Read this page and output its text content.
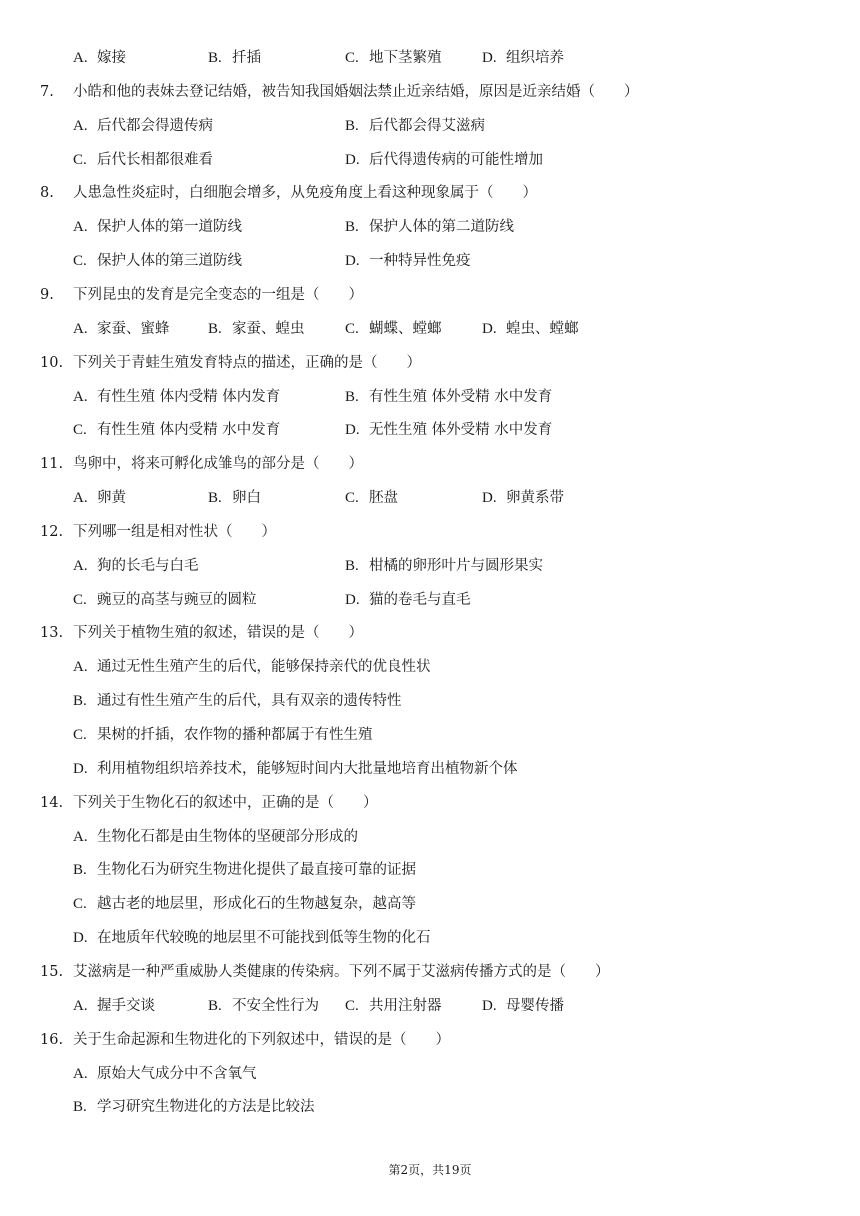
A. 嫁接	B. 扦插	C. 地下茎繁殖	D. 组织培养
7. 小皓和他的表妹去登记结婚，被告知我国婚姻法禁止近亲结婚，原因是近亲结婚（　　）
A. 后代都会得遗传病	B. 后代都会得艾滋病
C. 后代长相都很难看	D. 后代得遗传病的可能性增加
8. 人患急性炎症时，白细胞会增多，从免疫角度上看这种现象属于（　　）
A. 保护人体的第一道防线	B. 保护人体的第二道防线
C. 保护人体的第三道防线	D. 一种特异性免疫
9. 下列昆虫的发育是完全变态的一组是（　　）
A. 家蚕、蜜蜂	B. 家蚕、蝗虫	C. 蝴蝶、螳螂	D. 蝗虫、螳螂
10. 下列关于青蛙生殖发育特点的描述，正确的是（　　）
A. 有性生殖 体内受精 体内发育	B. 有性生殖 体外受精 水中发育
C. 有性生殖 体内受精 水中发育	D. 无性生殖 体外受精 水中发育
11. 鸟卵中，将来可孵化成雏鸟的部分是（　　）
A. 卵黄	B. 卵白	C. 胚盘	D. 卵黄系带
12. 下列哪一组是相对性状（　　）
A. 狗的长毛与白毛	B. 柑橘的卵形叶片与圆形果实
C. 豌豆的高茎与豌豆的圆粒	D. 猫的卷毛与直毛
13. 下列关于植物生殖的叙述，错误的是（　　）
A. 通过无性生殖产生的后代，能够保持亲代的优良性状
B. 通过有性生殖产生的后代，具有双亲的遗传特性
C. 果树的扦插，农作物的播种都属于有性生殖
D. 利用植物组织培养技术，能够短时间内大批量地培育出植物新个体
14. 下列关于生物化石的叙述中，正确的是（　　）
A. 生物化石都是由生物体的坚硬部分形成的
B. 生物化石为研究生物进化提供了最直接可靠的证据
C. 越古老的地层里，形成化石的生物越复杂，越高等
D. 在地质年代较晚的地层里不可能找到低等生物的化石
15. 艾滋病是一种严重威胁人类健康的传染病。下列不属于艾滋病传播方式的是（　　）
A. 握手交谈	B. 不安全性行为 C. 共用注射器	D. 母婴传播
16. 关于生命起源和生物进化的下列叙述中，错误的是（　　）
A. 原始大气成分中不含氧气
B. 学习研究生物进化的方法是比较法
第2页，共19页
